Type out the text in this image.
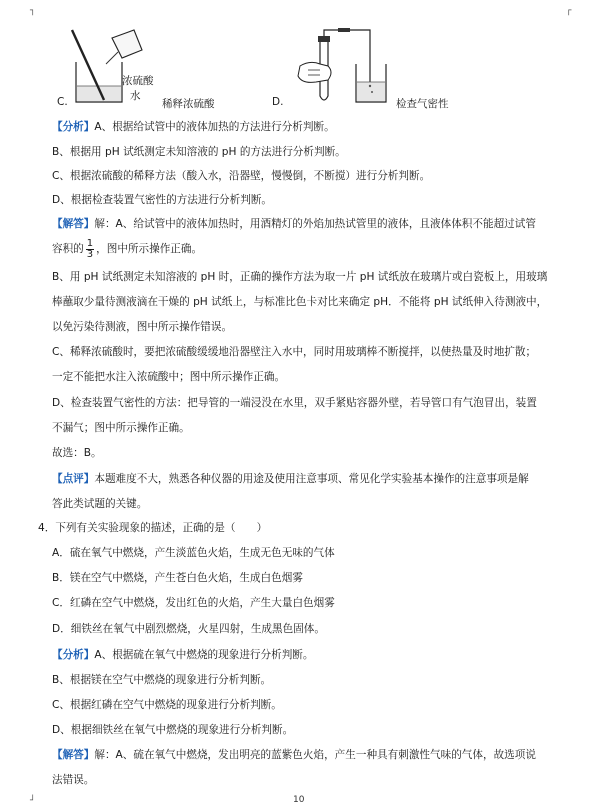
┐	┌
┘
浓硫酸
水
C.	稀释浓硫酸	D.	检查气密性
【分析】A、根据给试管中的液体加热的方法进行分析判断。
B、根据用 pH 试纸测定未知溶液的 pH 的方法进行分析判断。
C、根据浓硫酸的稀释方法（酸入水，沿器壁，慢慢倒，不断搅）进行分析判断。
D、根据检查装置气密性的方法进行分析判断。
【解答】解：A、给试管中的液体加热时，用酒精灯的外焰加热试管里的液体，且液体体积不能超过试管
容积的 $\frac{1}{3}$ ，图中所示操作正确。
B、用 pH 试纸测定未知溶液的 pH 时，正确的操作方法为取一片 pH 试纸放在玻璃片或白瓷板上，用玻璃
棒蘸取少量待测液滴在干燥的 pH 试纸上，与标准比色卡对比来确定 pH．不能将 pH 试纸伸入待测液中，
以免污染待测液，图中所示操作错误。
C、稀释浓硫酸时，要把浓硫酸缓缓地沿器壁注入水中，同时用玻璃棒不断搅拌，以使热量及时地扩散；
一定不能把水注入浓硫酸中；图中所示操作正确。
D、检查装置气密性的方法：把导管的一端浸没在水里，双手紧贴容器外壁，若导管口有气泡冒出，装置
不漏气；图中所示操作正确。
故选：B。
【点评】本题难度不大，熟悉各种仪器的用途及使用注意事项、常见化学实验基本操作的注意事项是解
答此类试题的关键。
4．下列有关实验现象的描述，正确的是（　　）
A．硫在氧气中燃烧，产生淡蓝色火焰，生成无色无味的气体
B．镁在空气中燃烧，产生苍白色火焰，生成白色烟雾
C．红磷在空气中燃烧，发出红色的火焰，产生大量白色烟雾
D．细铁丝在氧气中剧烈燃烧，火星四射，生成黑色固体。
【分析】A、根据硫在氧气中燃烧的现象进行分析判断。
B、根据镁在空气中燃烧的现象进行分析判断。
C、根据红磷在空气中燃烧的现象进行分析判断。
D、根据细铁丝在氧气中燃烧的现象进行分析判断。
【解答】解：A、硫在氧气中燃烧，发出明亮的蓝紫色火焰，产生一种具有刺激性气味的气体，故选项说
法错误。
10
